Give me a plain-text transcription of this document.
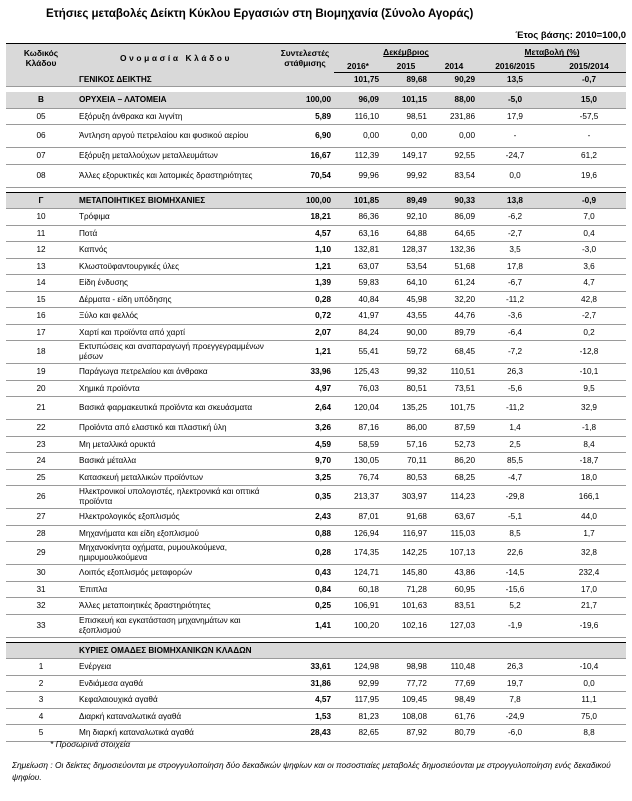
Ετήσιες μεταβολές Δείκτη Κύκλου Εργασιών στη Βιομηχανία (Σύνολο Αγοράς)
Έτος βάσης: 2010=100,0
Κωδικός Κλάδου	Ονομασία Κλάδου	Συντελεστές στάθμισης	Δεκέμβριος			Μεταβολή (%)	
			2016*	2015	2014	2016/2015	2015/2014
	ΓΕΝΙΚΟΣ ΔΕΙΚΤΗΣ		101,75	89,68	90,29	13,5	-0,7

B	ΟΡΥΧΕΙΑ – ΛΑΤΟΜΕΙΑ	100,00	96,09	101,15	88,00	-5,0	15,0
05	Εξόρυξη άνθρακα και λιγνίτη	5,89	116,10	98,51	231,86	17,9	-57,5
06	Άντληση αργού πετρελαίου και φυσικού αερίου	6,90	0,00	0,00	0,00	-	-
07	Εξόρυξη μεταλλούχων μεταλλευμάτων	16,67	112,39	149,17	92,55	-24,7	61,2
08	Άλλες εξορυκτικές και λατομικές δραστηριότητες	70,54	99,96	99,92	83,54	0,0	19,6

Γ	ΜΕΤΑΠΟΙΗΤΙΚΕΣ ΒΙΟΜΗΧΑΝΙΕΣ	100,00	101,85	89,49	90,33	13,8	-0,9
10	Τρόφιμα	18,21	86,36	92,10	86,09	-6,2	7,0
11	Ποτά	4,57	63,16	64,88	64,65	-2,7	0,4
12	Καπνός	1,10	132,81	128,37	132,36	3,5	-3,0
13	Κλωστοϋφαντουργικές ύλες	1,21	63,07	53,54	51,68	17,8	3,6
14	Είδη ένδυσης	1,39	59,83	64,10	61,24	-6,7	4,7
15	Δέρματα - είδη υπόδησης	0,28	40,84	45,98	32,20	-11,2	42,8
16	Ξύλο και φελλός	0,72	41,97	43,55	44,76	-3,6	-2,7
17	Χαρτί και προϊόντα από χαρτί	2,07	84,24	90,00	89,79	-6,4	0,2
18	Εκτυπώσεις και αναπαραγωγή προεγγεγραμμένων μέσων	1,21	55,41	59,72	68,45	-7,2	-12,8
19	Παράγωγα πετρελαίου και άνθρακα	33,96	125,43	99,32	110,51	26,3	-10,1
20	Χημικά προϊόντα	4,97	76,03	80,51	73,51	-5,6	9,5
21	Βασικά φαρμακευτικά προϊόντα και σκευάσματα	2,64	120,04	135,25	101,75	-11,2	32,9
22	Προϊόντα από ελαστικό και πλαστική ύλη	3,26	87,16	86,00	87,59	1,4	-1,8
23	Μη μεταλλικά ορυκτά	4,59	58,59	57,16	52,73	2,5	8,4
24	Βασικά μέταλλα	9,70	130,05	70,11	86,20	85,5	-18,7
25	Κατασκευή μεταλλικών προϊόντων	3,25	76,74	80,53	68,25	-4,7	18,0
26	Ηλεκτρονικοί υπολογιστές, ηλεκτρονικά και οπτικά προϊόντα	0,35	213,37	303,97	114,23	-29,8	166,1
27	Ηλεκτρολογικός εξοπλισμός	2,43	87,01	91,68	63,67	-5,1	44,0
28	Μηχανήματα και είδη εξοπλισμού	0,88	126,94	116,97	115,03	8,5	1,7
29	Μηχανοκίνητα οχήματα, ρυμουλκούμενα, ημιρυμουλκούμενα	0,28	174,35	142,25	107,13	22,6	32,8
30	Λοιπός εξοπλισμός μεταφορών	0,43	124,71	145,80	43,86	-14,5	232,4
31	Έπιπλα	0,84	60,18	71,28	60,95	-15,6	17,0
32	Άλλες μεταποιητικές δραστηριότητες	0,25	106,91	101,63	83,51	5,2	21,7
33	Επισκευή και εγκατάσταση μηχανημάτων και εξοπλισμού	1,41	100,20	102,16	127,03	-1,9	-19,6

	ΚΥΡΙΕΣ ΟΜΑΔΕΣ ΒΙΟΜΗΧΑΝΙΚΩΝ ΚΛΑΔΩΝ						
1	Ενέργεια	33,61	124,98	98,98	110,48	26,3	-10,4
2	Ενδιάμεσα αγαθά	31,86	92,99	77,72	77,69	19,7	0,0
3	Κεφαλαιουχικά αγαθά	4,57	117,95	109,45	98,49	7,8	11,1
4	Διαρκή καταναλωτικά αγαθά	1,53	81,23	108,08	61,76	-24,9	75,0
5	Μη διαρκή καταναλωτικά αγαθά	28,43	82,65	87,92	80,79	-6,0	8,8
* Προσωρινά στοιχεία
Σημείωση : Οι δείκτες δημοσιεύονται με στρογγυλοποίηση δύο δεκαδικών ψηφίων και οι ποσοστιαίες μεταβολές δημοσιεύονται με στρογγυλοποίηση ενός δεκαδικού ψηφίου.
